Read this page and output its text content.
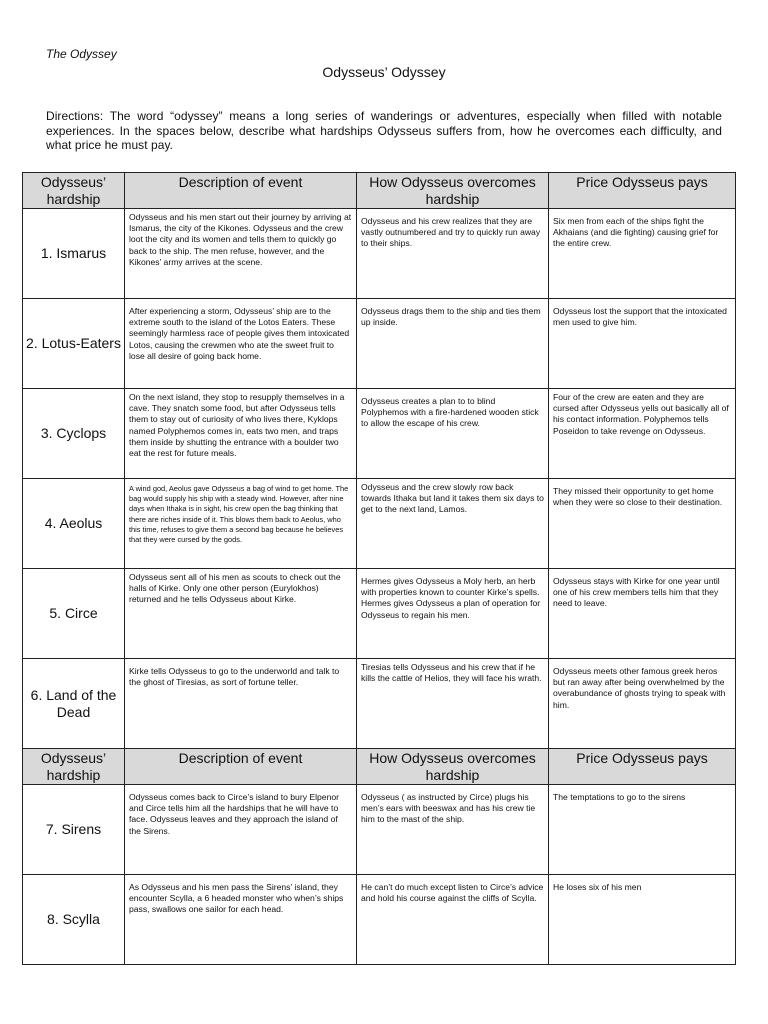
The Odyssey
Odysseus’ Odyssey
Directions: The word “odyssey” means a long series of wanderings or adventures, especially when filled with notable experiences. In the spaces below, describe what hardships Odysseus suffers from, how he overcomes each difficulty, and what price he must pay.
Odysseus’ hardship	Description of event	How Odysseus overcomes hardship	Price Odysseus pays
1. Ismarus	Odysseus and his men start out their journey by arriving at Ismarus, the city of the Kikones. Odysseus and the crew loot the city and its women and tells them to quickly go back to the ship. The men refuse, however, and the Kikones’ army arrives at the scene.	Odysseus and his crew realizes that they are vastly outnumbered and try to quickly run away to their ships.	Six men from each of the ships fight the Akhaians (and die fighting) causing grief for the entire crew.

2. Lotus-Eaters	After experiencing a storm, Odysseus’ ship are to the extreme south to the island of the Lotos Eaters. These seemingly harmless race of people gives them intoxicated Lotos, causing the crewmen who ate the sweet fruit to lose all desire of going back home.	Odysseus drags them to the ship and ties them up inside.	Odysseus lost the support that the intoxicated men used to give him.

3. Cyclops	On the next island, they stop to resupply themselves in a cave. They snatch some food, but after Odysseus tells them to stay out of curiosity of who lives there, Kyklops named Polyphemos comes in, eats two men, and traps them inside by shutting the entrance with a boulder two eat the rest for future meals.	Odysseus creates a plan to to blind Polyphemos with a fire-hardened wooden stick to allow the escape of his crew.	Four of the crew are eaten and they are cursed after Odysseus yells out basically all of his contact information. Polyphemos tells Poseidon to take revenge on Odysseus.

4. Aeolus	A wind god, Aeolus gave Odysseus a bag of wind to get home. The bag would supply his ship with a steady wind. However, after nine days when Ithaka is in sight, his crew open the bag thinking that there are riches inside of it. This blows them back to Aeolus, who this time, refuses to give them a second bag because he believes that they were cursed by the gods.	Odysseus and the crew slowly row back towards Ithaka but land it takes them six days to get to the next land, Lamos.	They missed their opportunity to get home when they were so close to their destination.

5. Circe	Odysseus sent all of his men as scouts to check out the halls of Kirke. Only one other person (Eurylokhos) returned and he tells Odysseus about Kirke.	Hermes gives Odysseus a Moly herb, an herb with properties known to counter Kirke’s spells. Hermes gives Odysseus a plan of operation for Odysseus to regain his men.	Odysseus stays with Kirke for one year until one of his crew members tells him that they need to leave.

6. Land of the Dead	Kirke tells Odysseus to go to the underworld and talk to the ghost of Tiresias, as sort of fortune teller.	Tiresias tells Odysseus and his crew that if he kills the cattle of Helios, they will face his wrath.	Odysseus meets other famous greek heros but ran away after being overwhelmed by the overabundance of ghosts trying to speak with him.

Odysseus’ hardship	Description of event	How Odysseus overcomes hardship	Price Odysseus pays
7. Sirens	Odysseus comes back to Circe’s island to bury Elpenor and Circe tells him all the hardships that he will have to face. Odysseus leaves and they approach the island of the Sirens.	Odysseus ( as instructed by Circe) plugs his men’s ears with beeswax and has his crew tie him to the mast of the ship.	The temptations to go to the sirens

8. Scylla	As Odysseus and his men pass the Sirens’ island, they encounter Scylla, a 6 headed monster who when’s ships pass, swallows one sailor for each head.	He can’t do much except listen to Circe’s advice and hold his course against the cliffs of Scylla.	He loses six of his men
